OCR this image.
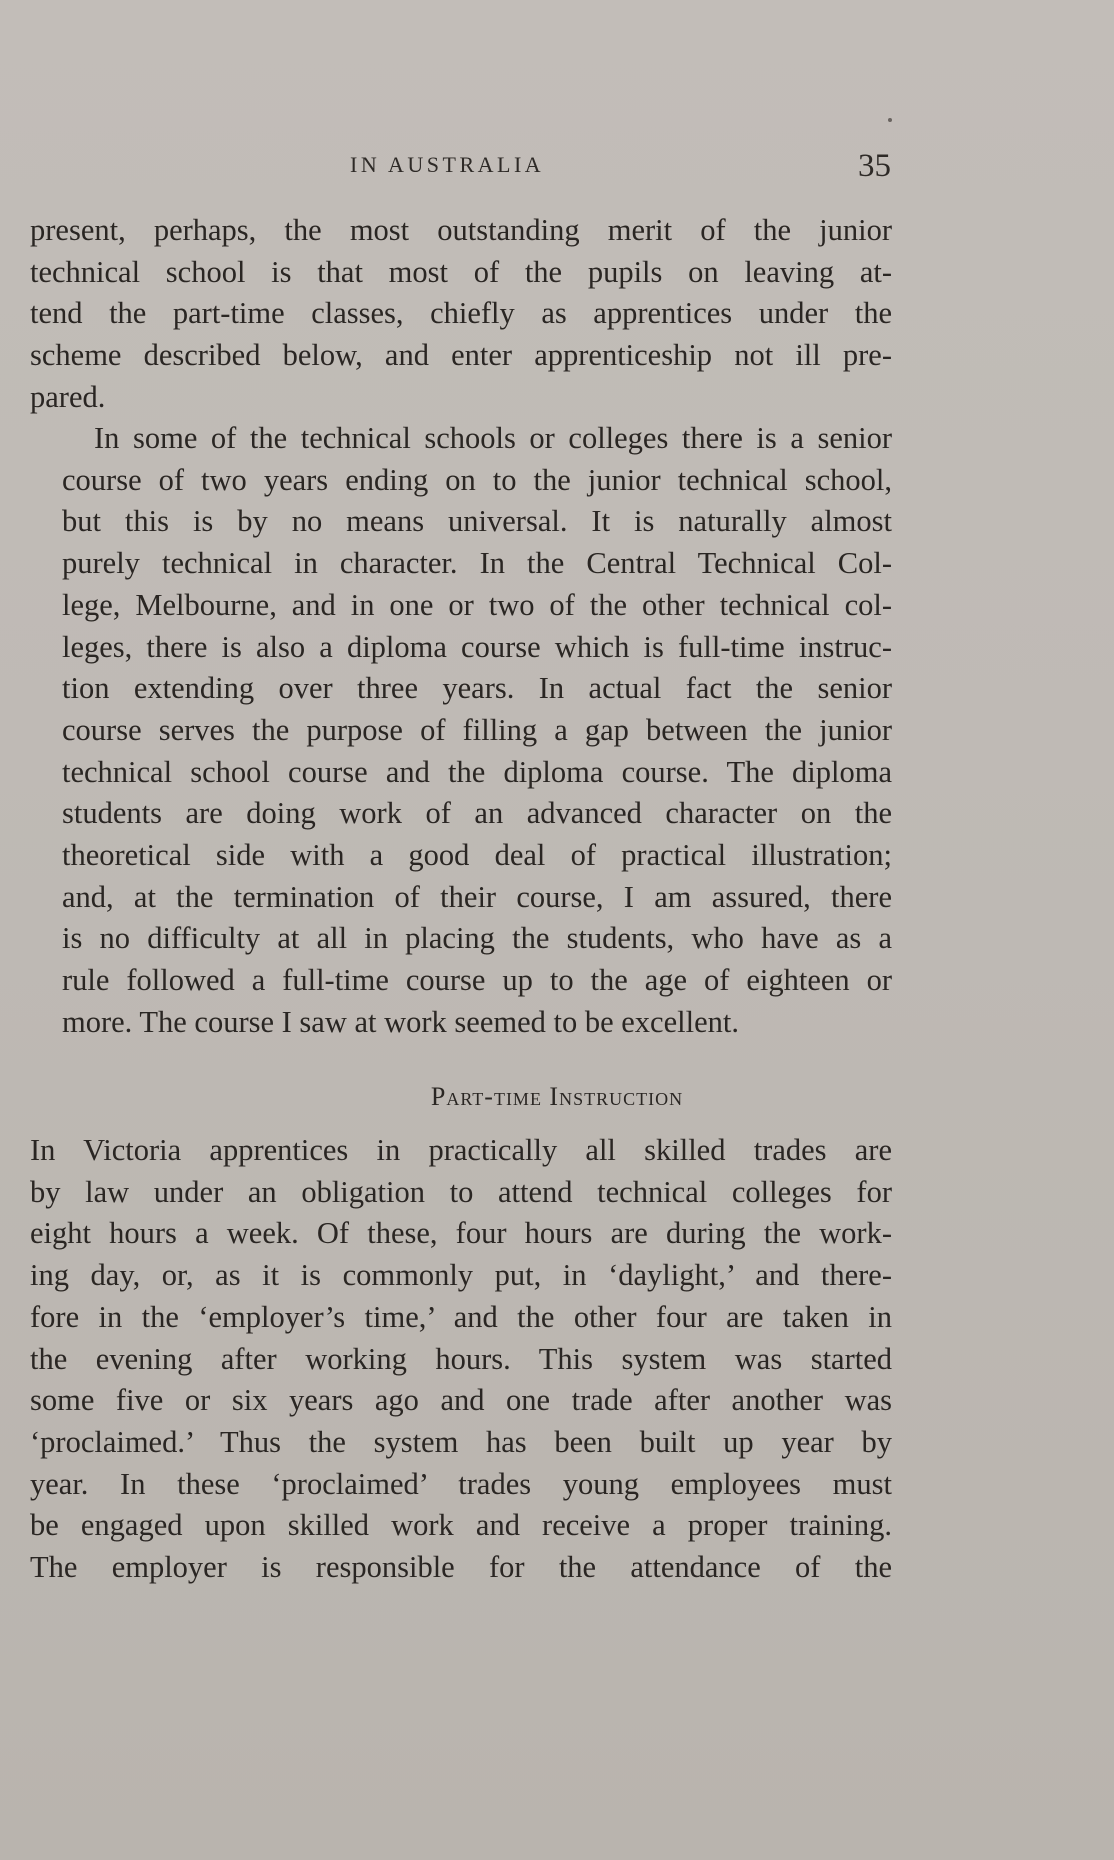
IN AUSTRALIA	35

present, perhaps, the most outstanding merit of the junior
technical school is that most of the pupils on leaving at-
tend the part-time classes, chiefly as apprentices under the
scheme described below, and enter apprenticeship not ill pre-
pared.

In some of the technical schools or colleges there is a senior
course of two years ending on to the junior technical school,
but this is by no means universal. It is naturally almost
purely technical in character. In the Central Technical Col-
lege, Melbourne, and in one or two of the other technical col-
leges, there is also a diploma course which is full-time instruc-
tion extending over three years. In actual fact the senior
course serves the purpose of filling a gap between the junior
technical school course and the diploma course. The diploma
students are doing work of an advanced character on the
theoretical side with a good deal of practical illustration;
and, at the termination of their course, I am assured, there
is no difficulty at all in placing the students, who have as a
rule followed a full-time course up to the age of eighteen or
more. The course I saw at work seemed to be excellent.

Part-time Instruction

In Victoria apprentices in practically all skilled trades are
by law under an obligation to attend technical colleges for
eight hours a week. Of these, four hours are during the work-
ing day, or, as it is commonly put, in ‘daylight,’ and there-
fore in the ‘employer’s time,’ and the other four are taken in
the evening after working hours. This system was started
some five or six years ago and one trade after another was
‘proclaimed.’ Thus the system has been built up year by
year. In these ‘proclaimed’ trades young employees must
be engaged upon skilled work and receive a proper training.
The employer is responsible for the attendance of the
